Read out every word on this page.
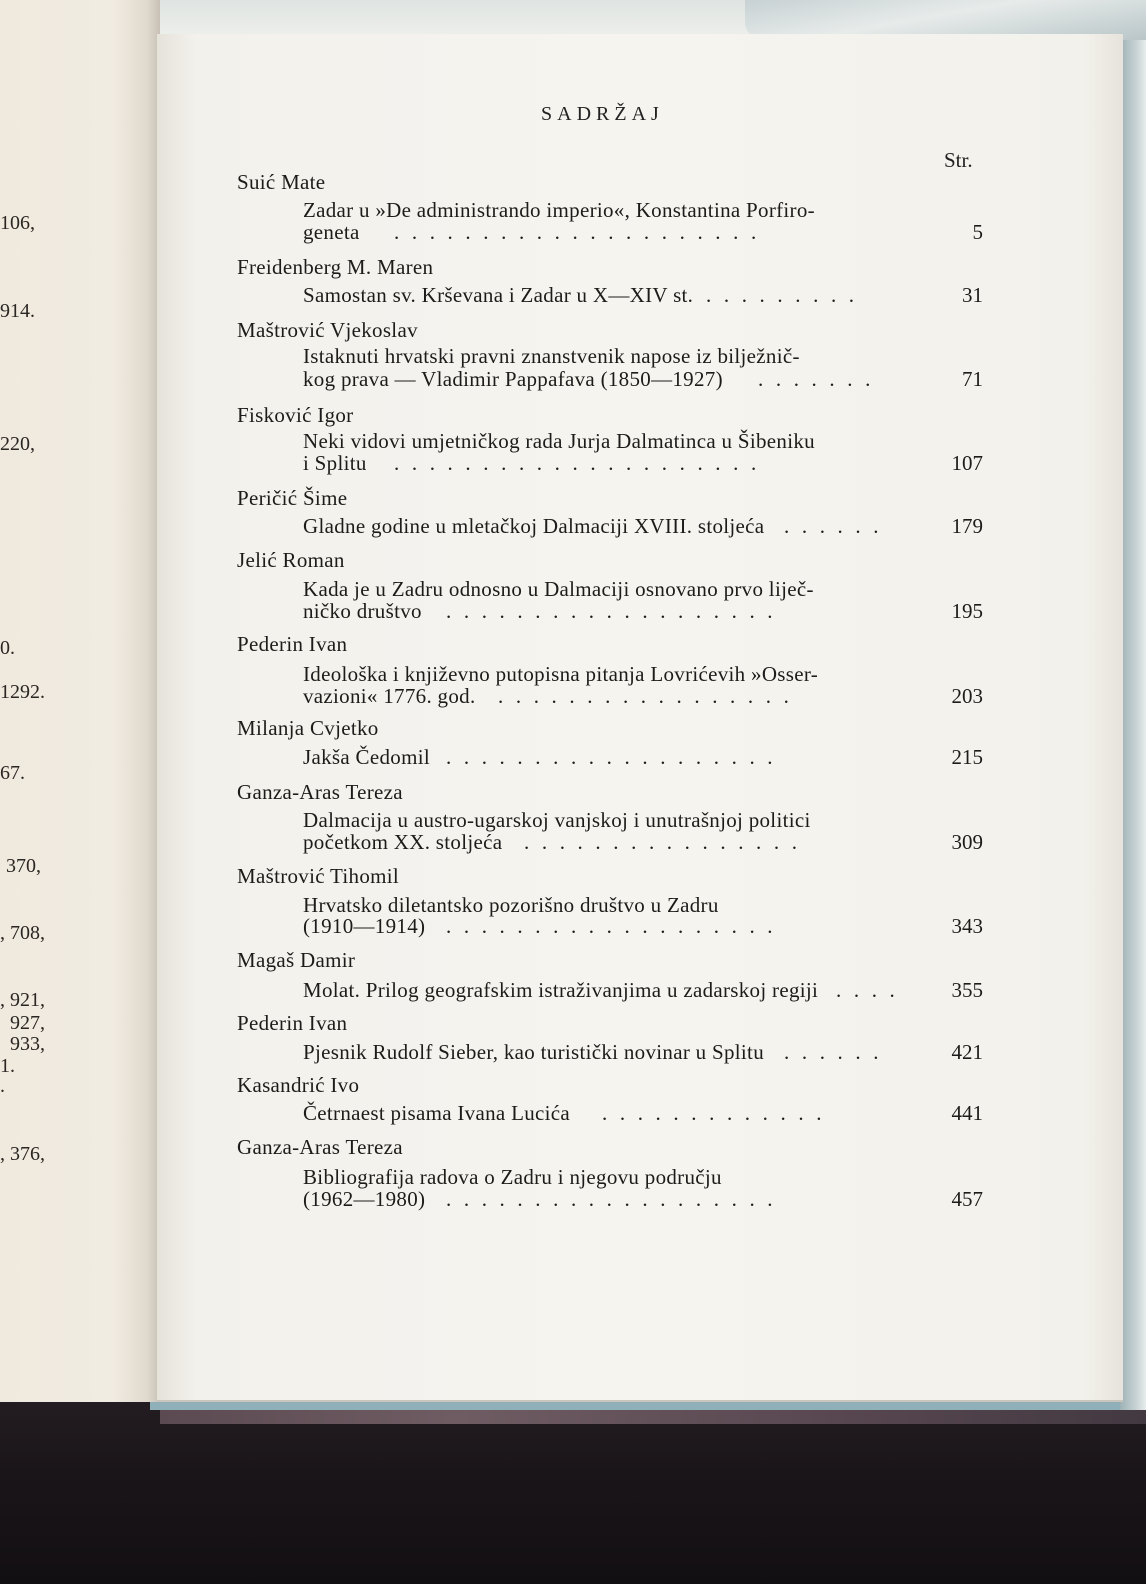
106,
914.
220,
0.
1292.
67.
370,
, 708,
, 921,
927,
933,
1.
.
, 376,
SADRŽAJ
Str.
Suić Mate
Zadar u »De administrando imperio«, Konstantina Porfiro-
geneta	5
.....................
Freidenberg M. Maren
Samostan sv. Krševana i Zadar u X—XIV st.	31
.........
Maštrović Vjekoslav
Istaknuti hrvatski pravni znanstvenik napose iz bilježnič-
kog prava — Vladimir Pappafava (1850—1927)	71
.......
Fisković Igor
Neki vidovi umjetničkog rada Jurja Dalmatinca u Šibeniku
i Splitu	107
.....................
Peričić Šime
Gladne godine u mletačkoj Dalmaciji XVIII. stoljeća	179
......
Jelić Roman
Kada je u Zadru odnosno u Dalmaciji osnovano prvo liječ-
ničko društvo	195
...................
Pederin Ivan
Ideološka i književno putopisna pitanja Lovrićevih »Osser-
vazioni« 1776. god.	203
.................
Milanja Cvjetko
Jakša Čedomil	215
...................
Ganza-Aras Tereza
Dalmacija u austro-ugarskoj vanjskoj i unutrašnjoj politici
početkom XX. stoljeća	309
................
Maštrović Tihomil
Hrvatsko diletantsko pozorišno društvo u Zadru
(1910—1914)	343
...................
Magaš Damir
Molat. Prilog geografskim istraživanjima u zadarskoj regiji	355
....
Pederin Ivan
Pjesnik Rudolf Sieber, kao turistički novinar u Splitu	421
......
Kasandrić Ivo
Četrnaest pisama Ivana Lucića	441
.............
Ganza-Aras Tereza
Bibliografija radova o Zadru i njegovu području
(1962—1980)	457
...................
